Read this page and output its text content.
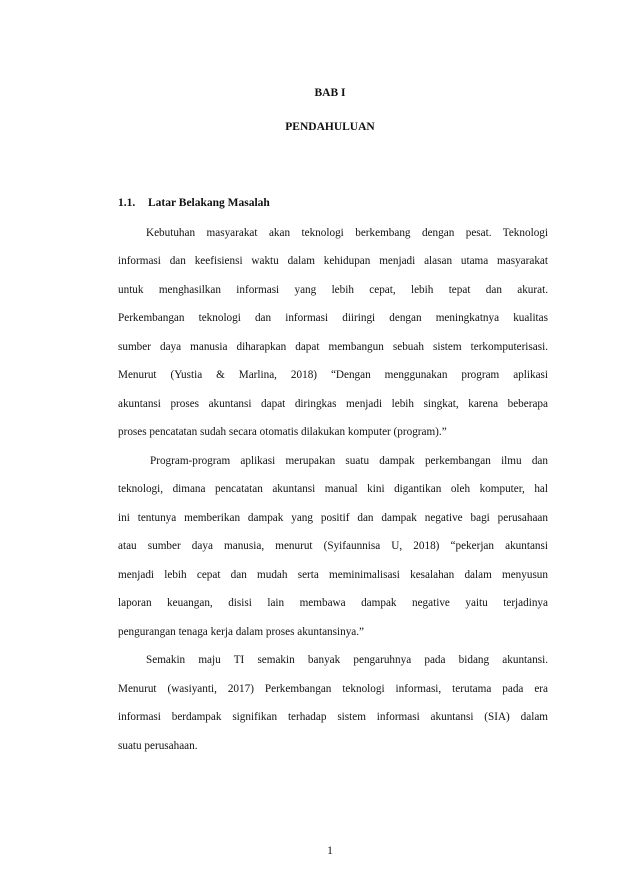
BAB I
PENDAHULUAN
1.1. Latar Belakang Masalah
Kebutuhan masyarakat akan teknologi berkembang dengan pesat. Teknologi
informasi dan keefisiensi waktu dalam kehidupan menjadi alasan utama masyarakat
untuk menghasilkan informasi yang lebih cepat, lebih tepat dan akurat.
Perkembangan teknologi dan informasi diiringi dengan meningkatnya kualitas
sumber daya manusia diharapkan dapat membangun sebuah sistem terkomputerisasi.
Menurut (Yustia & Marlina, 2018) “Dengan menggunakan program aplikasi
akuntansi proses akuntansi dapat diringkas menjadi lebih singkat, karena beberapa
proses pencatatan sudah secara otomatis dilakukan komputer (program).”
Program-program aplikasi merupakan suatu dampak perkembangan ilmu dan
teknologi, dimana pencatatan akuntansi manual kini digantikan oleh komputer, hal
ini tentunya memberikan dampak yang positif dan dampak negative bagi perusahaan
atau sumber daya manusia, menurut (Syifaunnisa U, 2018) “pekerjan akuntansi
menjadi lebih cepat dan mudah serta meminimalisasi kesalahan dalam menyusun
laporan keuangan, disisi lain membawa dampak negative yaitu terjadinya
pengurangan tenaga kerja dalam proses akuntansinya.”
Semakin maju TI semakin banyak pengaruhnya pada bidang akuntansi.
Menurut (wasiyanti, 2017) Perkembangan teknologi informasi, terutama pada era
informasi berdampak signifikan terhadap sistem informasi akuntansi (SIA) dalam
suatu perusahaan.
1
